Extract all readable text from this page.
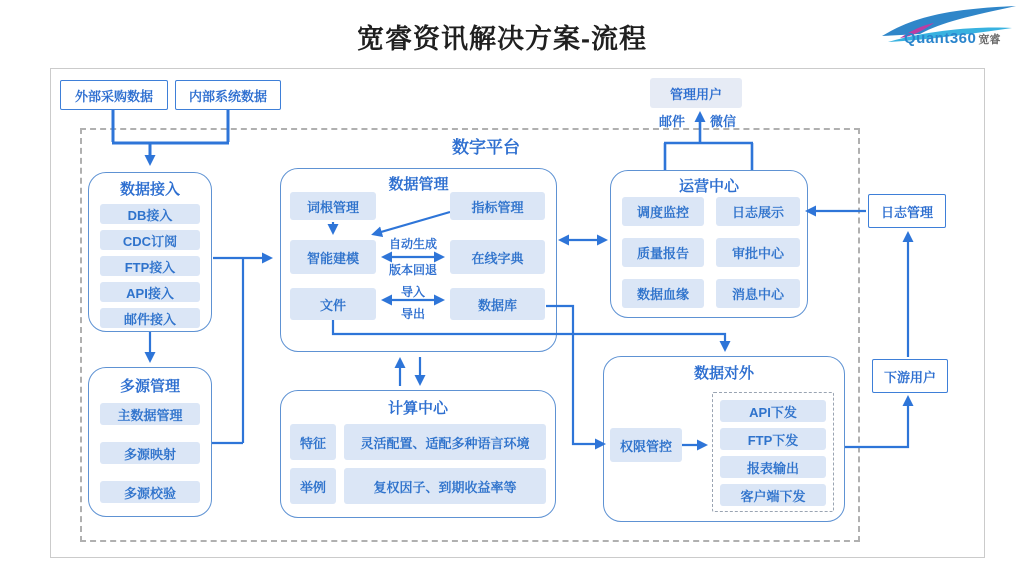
宽睿资讯解决方案-流程	Quant360 宽睿
数字平台
外部采购数据	内部系统数据	管理用户
邮件	微信
数据接入
DB接入
CDC订阅
FTP接入
API接入
邮件接入
多源管理
主数据管理
多源映射
多源校验
数据管理
词根管理	指标管理
智能建模	在线字典
文件	数据库
自动生成
版本回退
导入
导出
运营中心
调度监控	日志展示
质量报告	审批中心
数据血缘	消息中心
计算中心
特征	灵活配置、适配多种语言环境
举例	复权因子、到期收益率等
数据对外
权限管控
API下发
FTP下发
报表输出
客户端下发
日志管理
下游用户
